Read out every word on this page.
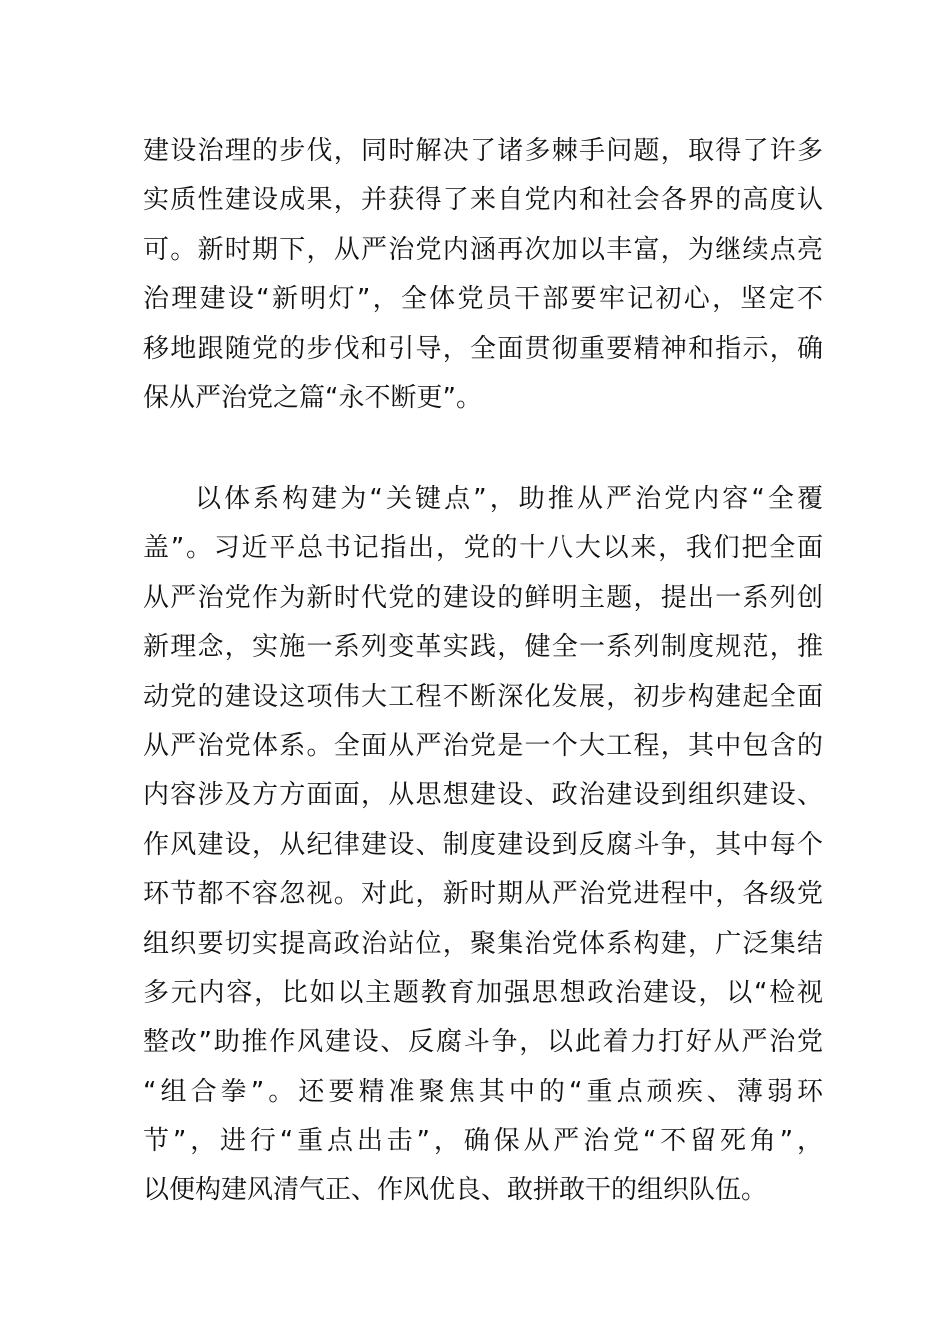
建设治理的步伐，同时解决了诸多棘手问题，取得了许多
实质性建设成果，并获得了来自党内和社会各界的高度认
可。新时期下，从严治党内涵再次加以丰富，为继续点亮
治理建设“新明灯”，全体党员干部要牢记初心，坚定不
移地跟随党的步伐和引导，全面贯彻重要精神和指示，确
保从严治党之篇“永不断更”。
以体系构建为“关键点”，助推从严治党内容“全覆
盖”。习近平总书记指出，党的十八大以来，我们把全面
从严治党作为新时代党的建设的鲜明主题，提出一系列创
新理念，实施一系列变革实践，健全一系列制度规范，推
动党的建设这项伟大工程不断深化发展，初步构建起全面
从严治党体系。全面从严治党是一个大工程，其中包含的
内容涉及方方面面，从思想建设、政治建设到组织建设、
作风建设，从纪律建设、制度建设到反腐斗争，其中每个
环节都不容忽视。对此，新时期从严治党进程中，各级党
组织要切实提高政治站位，聚集治党体系构建，广泛集结
多元内容，比如以主题教育加强思想政治建设，以“检视
整改”助推作风建设、反腐斗争，以此着力打好从严治党
“组合拳”。还要精准聚焦其中的“重点顽疾、薄弱环
节”，进行“重点出击”，确保从严治党“不留死角”，
以便构建风清气正、作风优良、敢拼敢干的组织队伍。
